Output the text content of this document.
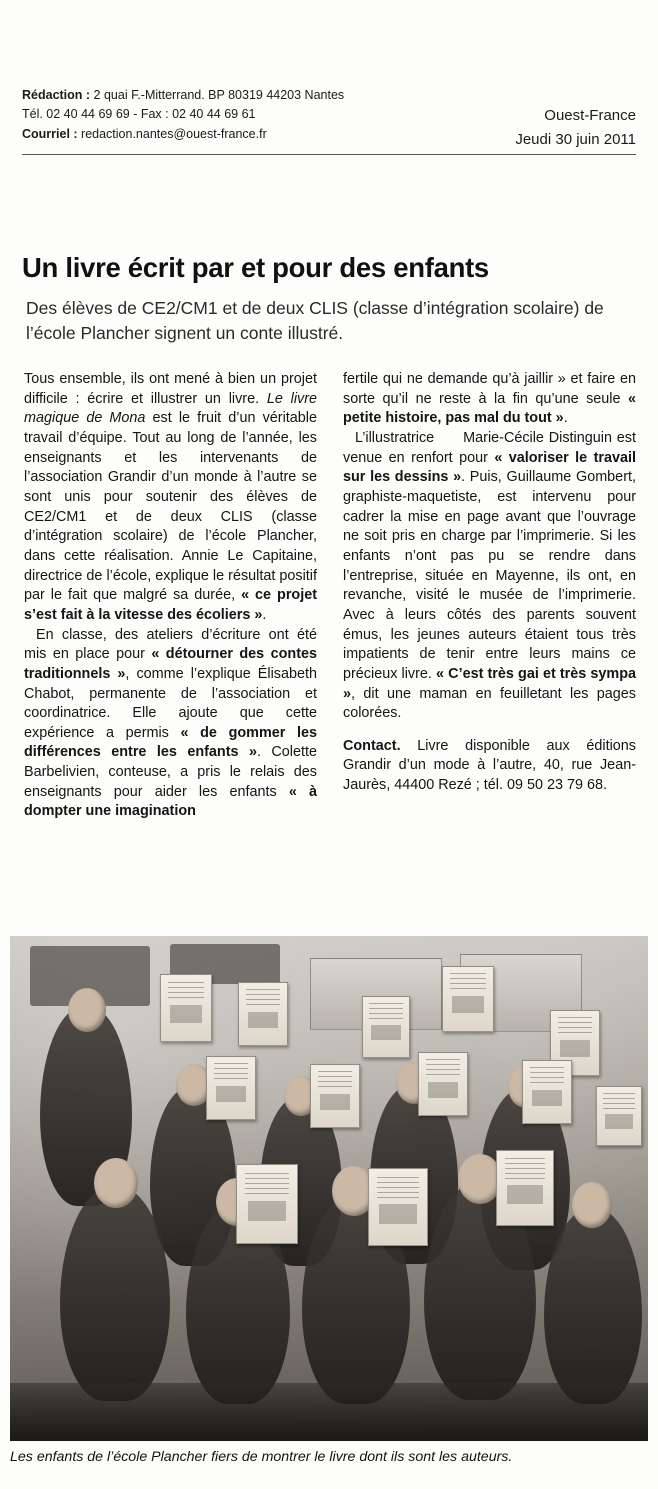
Rédaction : 2 quai F.-Mitterrand. BP 80319 44203 Nantes
Tél. 02 40 44 69 69 - Fax : 02 40 44 69 61
Courriel : redaction.nantes@ouest-france.fr
Ouest-France
Jeudi 30 juin 2011
Un livre écrit par et pour des enfants
Des élèves de CE2/CM1 et de deux CLIS (classe d’intégration scolaire) de l’école Plancher signent un conte illustré.

Tous ensemble, ils ont mené à bien un projet difficile : écrire et illustrer un livre. Le livre magique de Mona est le fruit d’un véritable travail d’équipe. Tout au long de l’année, les enseignants et les intervenants de l’association Grandir d’un monde à l’autre se sont unis pour soutenir des élèves de CE2/CM1 et de deux CLIS (classe d’intégration scolaire) de l’école Plancher, dans cette réalisation. Annie Le Capitaine, directrice de l’école, explique le résultat positif par le fait que malgré sa durée, « ce projet s’est fait à la vitesse des écoliers ».

En classe, des ateliers d’écriture ont été mis en place pour « détourner des contes traditionnels », comme l’explique Élisabeth Chabot, permanente de l’association et coordinatrice. Elle ajoute que cette expérience a permis « de gommer les différences entre les enfants ». Colette Barbelivien, conteuse, a pris le relais des enseignants pour aider les enfants « à dompter une imagination

fertile qui ne demande qu’à jaillir » et faire en sorte qu’il ne reste à la fin qu’une seule « petite histoire, pas mal du tout ».

L’illustratrice      Marie-Cécile Distinguin est venue en renfort pour « valoriser le travail sur les dessins ». Puis, Guillaume Gombert, graphiste-maquetiste, est intervenu pour cadrer la mise en page avant que l’ouvrage ne soit pris en charge par l’imprimerie. Si les enfants n’ont pas pu se rendre dans l’entreprise, située en Mayenne, ils ont, en revanche, visité le musée de l’imprimerie. Avec à leurs côtés des parents souvent émus, les jeunes auteurs étaient tous très impatients de tenir entre leurs mains ce précieux livre. « C’est très gai et très sympa », dit une maman en feuilletant les pages colorées.

Contact. Livre disponible aux éditions Grandir d’un mode à l’autre, 40, rue Jean-Jaurès, 44400 Rezé ; tél. 09 50 23 79 68.

Les enfants de l’école Plancher fiers de montrer le livre dont ils sont les auteurs.
